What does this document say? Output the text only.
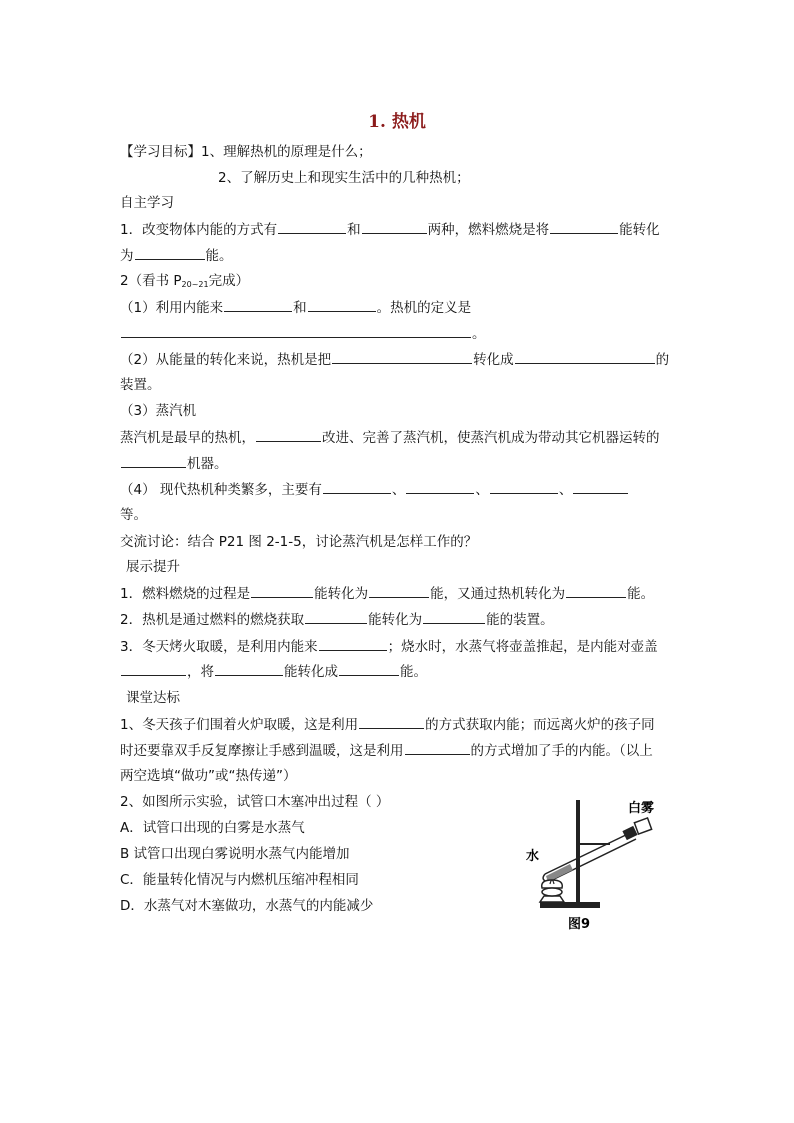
1. 热机
【学习目标】1、理解热机的原理是什么；
2、了解历史上和现实生活中的几种热机；
自主学习
1．改变物体内能的方式有	和	两种，燃料燃烧是将	能转化
为	能。
2（看书 $P_{20\sim 21}$完成）
（1）利用内能来	和	。热机的定义是
。
（2）从能量的转化来说，热机是把	转化成	的
装置。
（3）蒸汽机
蒸汽机是最早的热机，	改进、完善了蒸汽机，使蒸汽机成为带动其它机器运转的
机器。
（4） 现代热机种类繁多，主要有	、	、	、
等。
交流讨论：结合 P21 图 2-1-5，讨论蒸汽机是怎样工作的？
展示提升
1．燃料燃烧的过程是	能转化为	能，又通过热机转化为	能。
2．热机是通过燃料的燃烧获取	能转化为	能的装置。
3．冬天烤火取暖，是利用内能来	；烧水时，水蒸气将壶盖推起，是内能对壶盖
，将	能转化成	能。
课堂达标
1、冬天孩子们围着火炉取暖，这是利用	的方式获取内能；而远离火炉的孩子同
时还要靠双手反复摩擦让手感到温暖，这是利用	的方式增加了手的内能。（以上
两空选填“做功”或“热传递”）
2、如图所示实验，试管口木塞冲出过程（ ）
A．试管口出现的白雾是水蒸气
B 试管口出现白雾说明水蒸气内能增加
C．能量转化情况与内燃机压缩冲程相同
D．水蒸气对木塞做功，水蒸气的内能减少
白雾
水
图9
